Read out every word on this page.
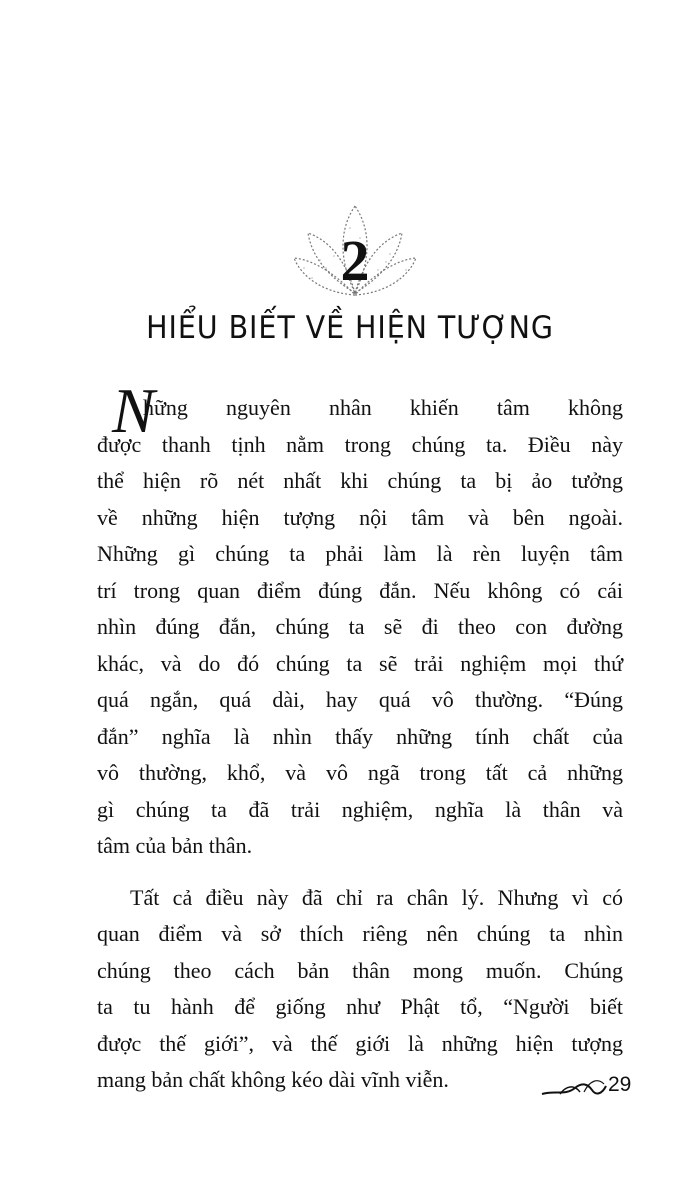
2
HIỂU BIẾT VỀ HIỆN TƯỢNG
N
hững nguyên nhân khiến tâm không
được thanh tịnh nằm trong chúng ta. Điều này
thể hiện rõ nét nhất khi chúng ta bị ảo tưởng
về những hiện tượng nội tâm và bên ngoài.
Những gì chúng ta phải làm là rèn luyện tâm
trí trong quan điểm đúng đắn. Nếu không có cái
nhìn đúng đắn, chúng ta sẽ đi theo con đường
khác, và do đó chúng ta sẽ trải nghiệm mọi thứ
quá ngắn, quá dài, hay quá vô thường. “Đúng
đắn” nghĩa là nhìn thấy những tính chất của
vô thường, khổ, và vô ngã trong tất cả những
gì chúng ta đã trải nghiệm, nghĩa là thân và
tâm của bản thân.
Tất cả điều này đã chỉ ra chân lý. Nhưng vì có
quan điểm và sở thích riêng nên chúng ta nhìn
chúng theo cách bản thân mong muốn. Chúng
ta tu hành để giống như Phật tổ, “Người biết
được thế giới”, và thế giới là những hiện tượng
mang bản chất không kéo dài vĩnh viễn.	29
